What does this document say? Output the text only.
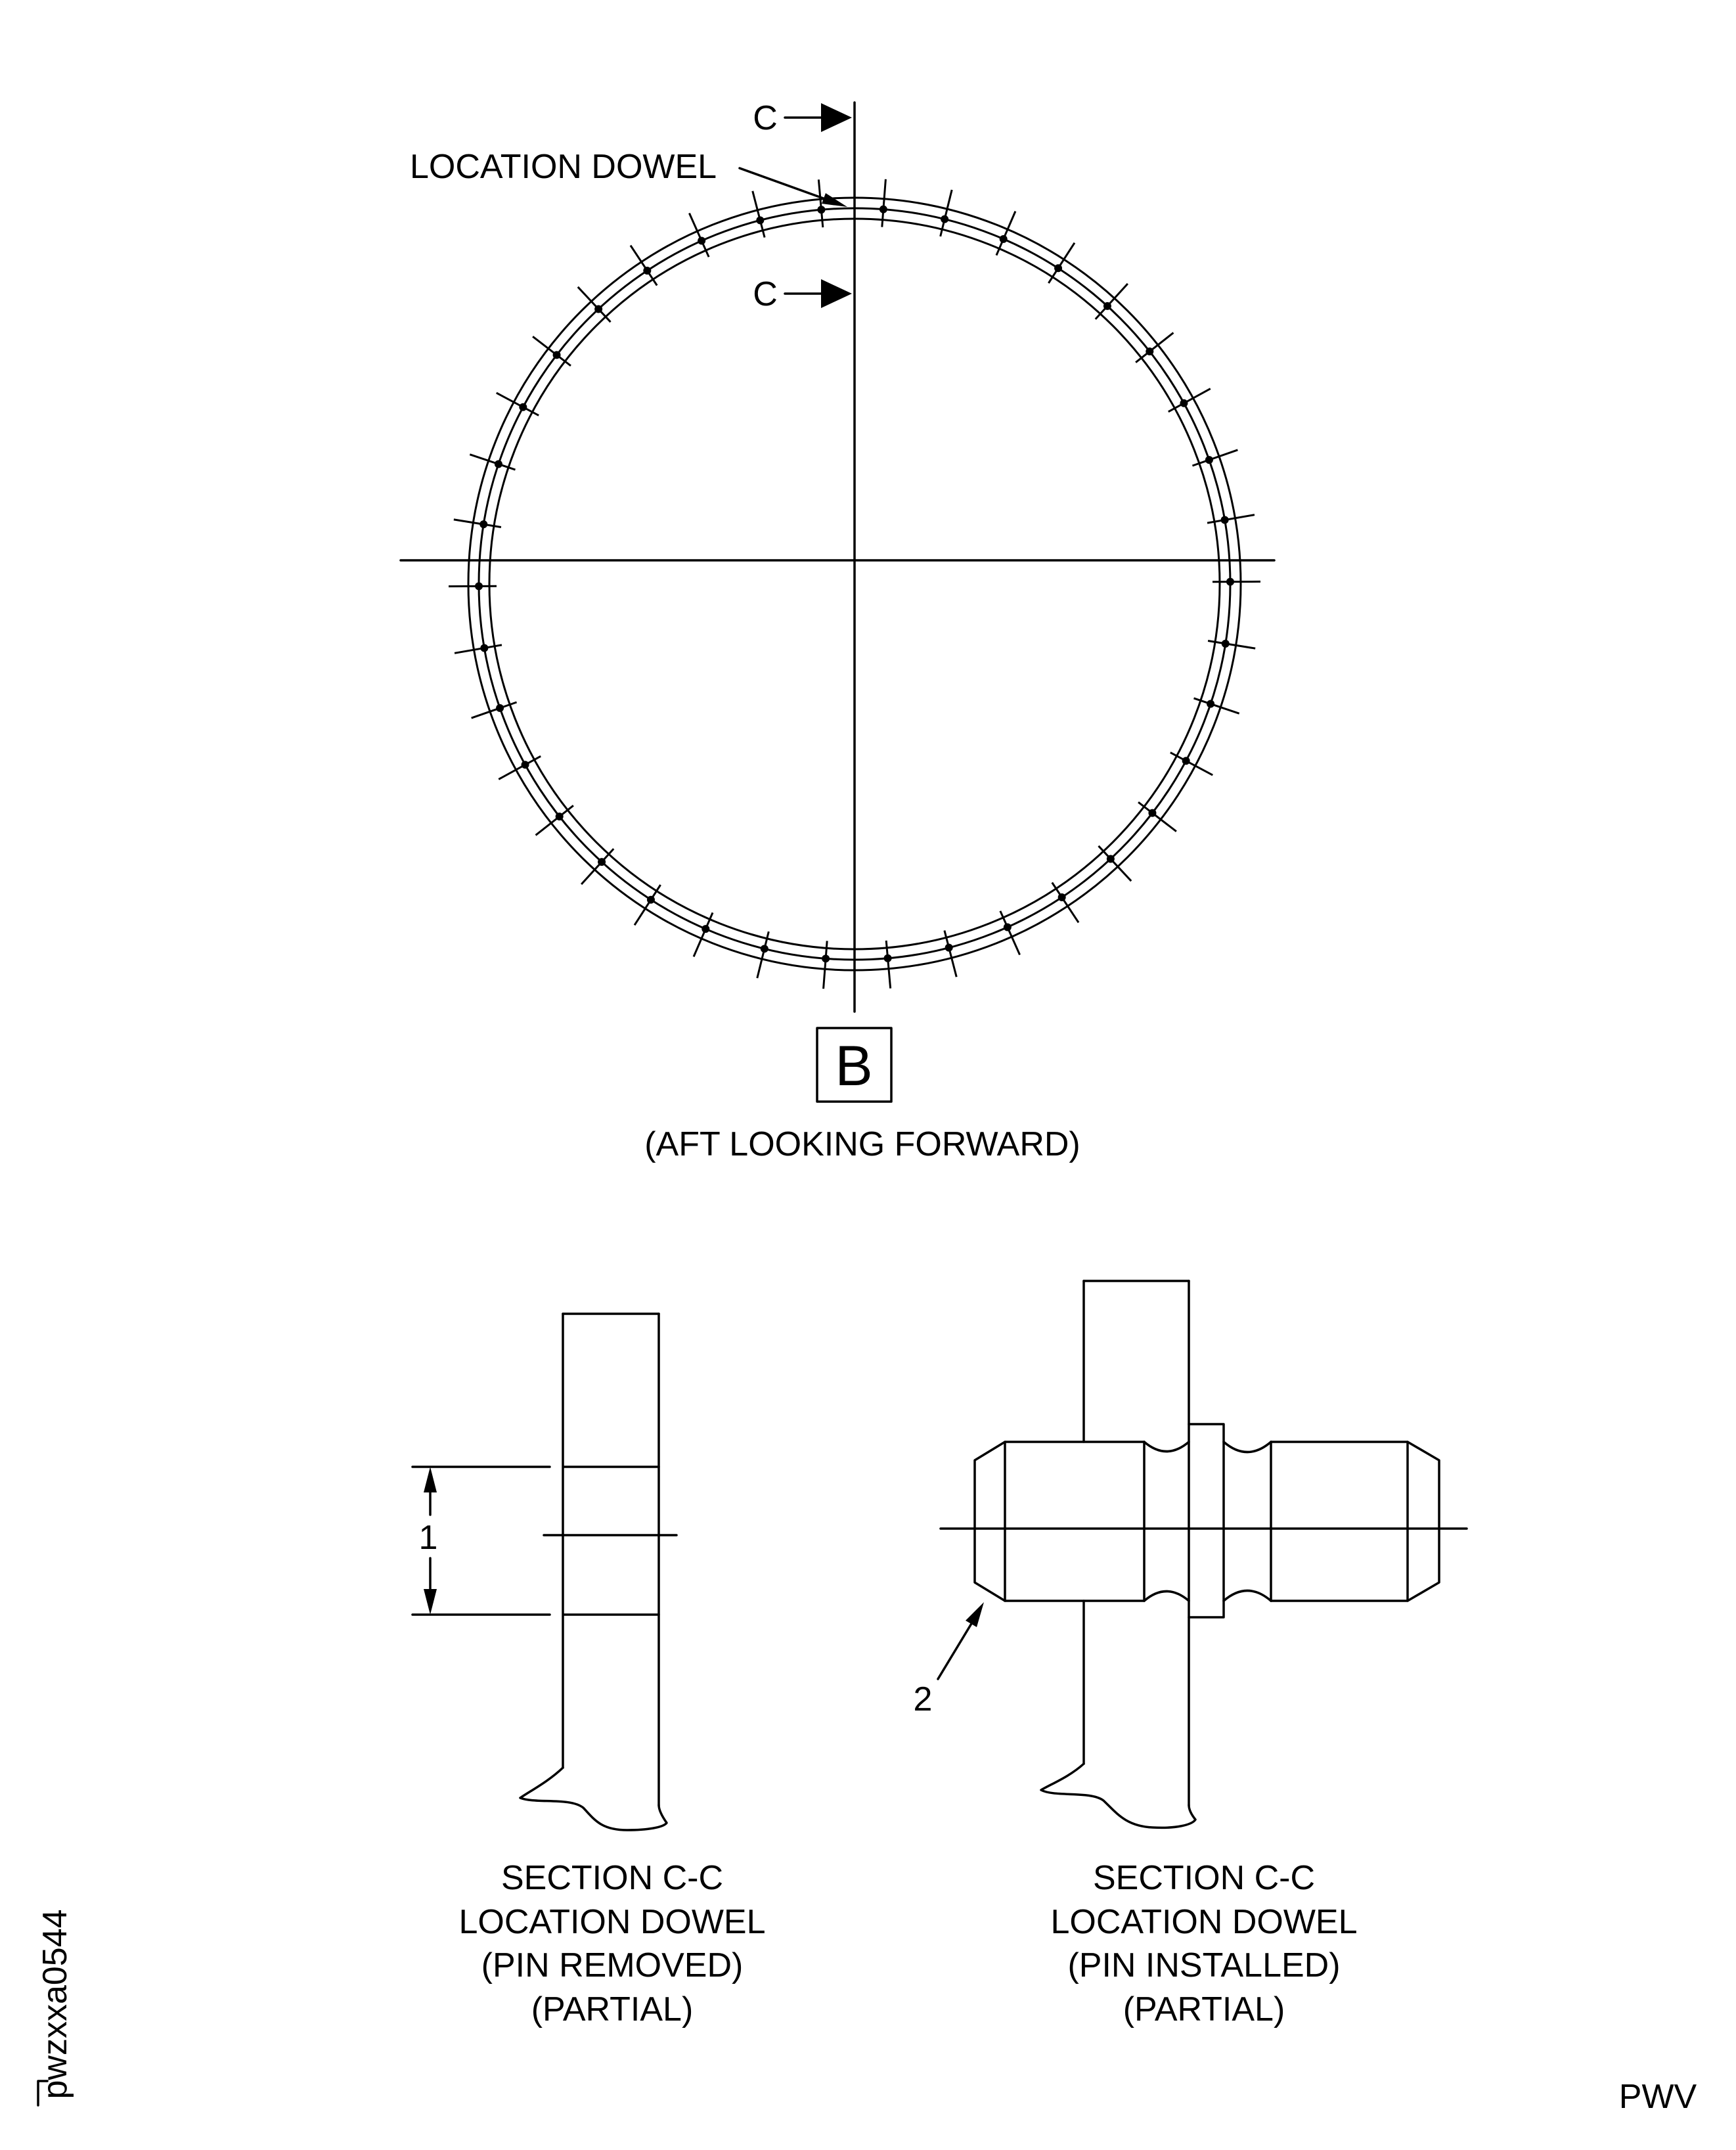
C
C
LOCATION DOWEL
B
(AFT LOOKING FORWARD)
1
SECTION C-C
LOCATION DOWEL
(PIN REMOVED)
(PARTIAL)
2
SECTION C-C
LOCATION DOWEL
(PIN INSTALLED)
(PARTIAL)
PWV
pwzxxa0544
